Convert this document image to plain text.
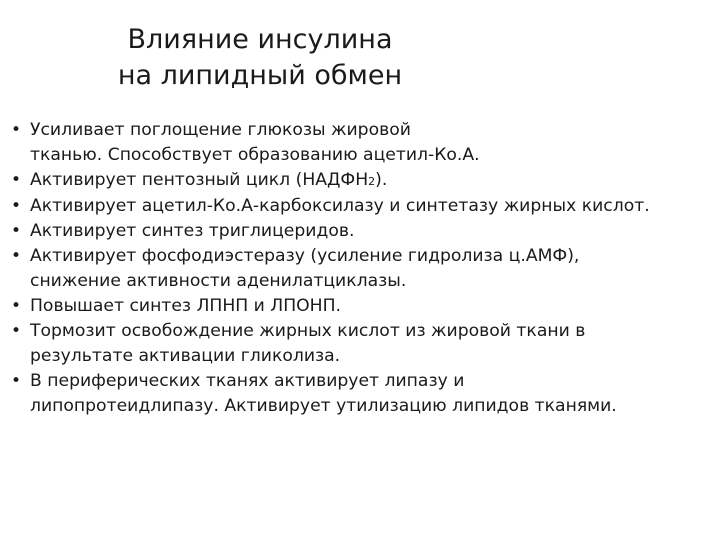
Влияние инсулина
на липидный обмен
• Усиливает поглощение глюкозы жировой
тканью. Способствует образованию ацетил-Ко.А.
• Активирует пентозный цикл (НАДФН2).
• Активирует ацетил-Ко.А-карбоксилазу и синтетазу жирных кислот.
• Активирует синтез триглицеридов.
• Активирует фосфодиэстеразу (усиление гидролиза ц.АМФ),
снижение активности аденилатциклазы.
• Повышает синтез ЛПНП и ЛПОНП.
• Тормозит освобождение жирных кислот из жировой ткани в
результате активации гликолиза.
• В периферических тканях активирует липазу и
липопротеидлипазу. Активирует утилизацию липидов тканями.
